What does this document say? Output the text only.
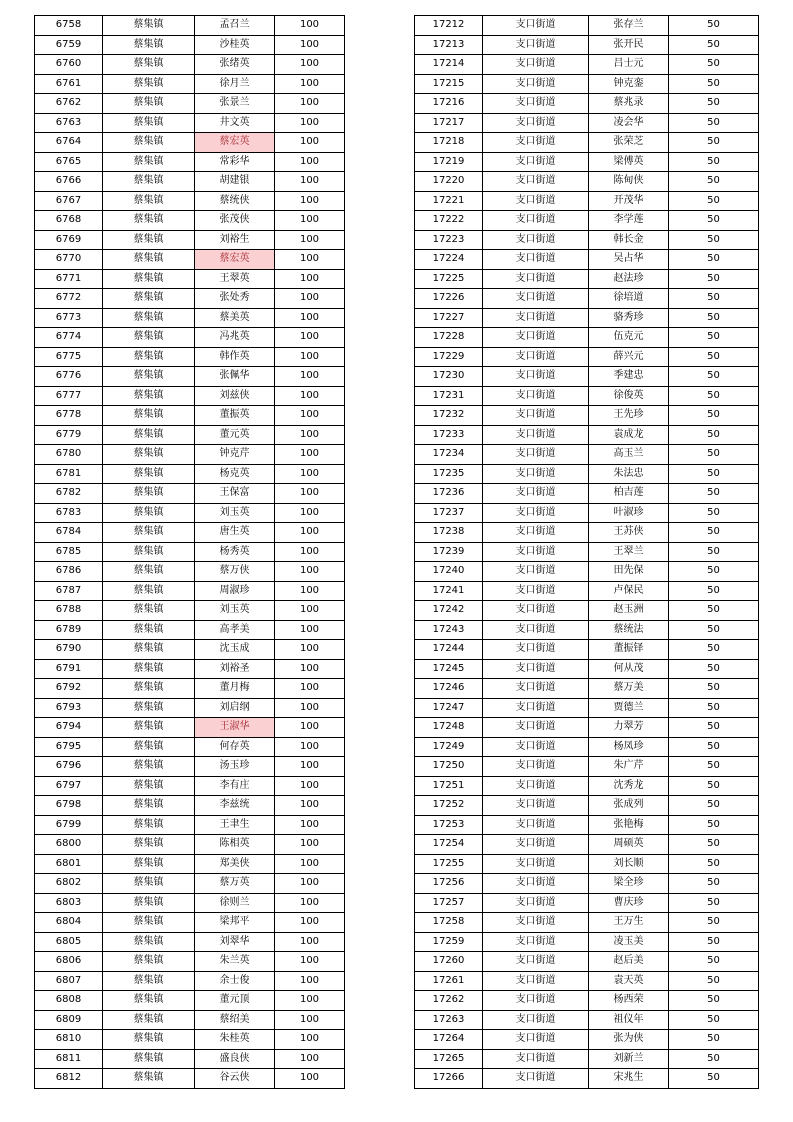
6758	蔡集镇	孟召兰	100
6759	蔡集镇	沙桂英	100
6760	蔡集镇	张绪英	100
6761	蔡集镇	徐月兰	100
6762	蔡集镇	张景兰	100
6763	蔡集镇	井文英	100
6764	蔡集镇	蔡宏英	100
6765	蔡集镇	常彩华	100
6766	蔡集镇	胡建银	100
6767	蔡集镇	蔡统侠	100
6768	蔡集镇	张茂侠	100
6769	蔡集镇	刘裕生	100
6770	蔡集镇	蔡宏英	100
6771	蔡集镇	王翠英	100
6772	蔡集镇	张处秀	100
6773	蔡集镇	蔡美英	100
6774	蔡集镇	冯兆英	100
6775	蔡集镇	韩作英	100
6776	蔡集镇	张佩华	100
6777	蔡集镇	刘兹侠	100
6778	蔡集镇	董振英	100
6779	蔡集镇	董元英	100
6780	蔡集镇	钟克芹	100
6781	蔡集镇	杨克英	100
6782	蔡集镇	王保富	100
6783	蔡集镇	刘玉英	100
6784	蔡集镇	唐生英	100
6785	蔡集镇	杨秀英	100
6786	蔡集镇	蔡万侠	100
6787	蔡集镇	周淑珍	100
6788	蔡集镇	刘玉英	100
6789	蔡集镇	高孝美	100
6790	蔡集镇	沈玉成	100
6791	蔡集镇	刘裕圣	100
6792	蔡集镇	董月梅	100
6793	蔡集镇	刘启纲	100
6794	蔡集镇	王淑华	100
6795	蔡集镇	何存英	100
6796	蔡集镇	汤玉珍	100
6797	蔡集镇	李有庄	100
6798	蔡集镇	李兹统	100
6799	蔡集镇	王聿生	100
6800	蔡集镇	陈相英	100
6801	蔡集镇	郑美侠	100
6802	蔡集镇	蔡万英	100
6803	蔡集镇	徐则兰	100
6804	蔡集镇	梁邦平	100
6805	蔡集镇	刘翠华	100
6806	蔡集镇	朱兰英	100
6807	蔡集镇	余士俊	100
6808	蔡集镇	董元顶	100
6809	蔡集镇	蔡绍美	100
6810	蔡集镇	朱桂英	100
6811	蔡集镇	盛良侠	100
6812	蔡集镇	谷云侠	100
17212	支口街道	张存兰	50
17213	支口街道	张开民	50
17214	支口街道	吕士元	50
17215	支口街道	钟克銮	50
17216	支口街道	蔡兆录	50
17217	支口街道	凌会华	50
17218	支口街道	张荣芝	50
17219	支口街道	梁傅英	50
17220	支口街道	陈甸侠	50
17221	支口街道	开茂华	50
17222	支口街道	李学莲	50
17223	支口街道	韩长金	50
17224	支口街道	吴占华	50
17225	支口街道	赵法珍	50
17226	支口街道	徐培道	50
17227	支口街道	骆秀珍	50
17228	支口街道	伍克元	50
17229	支口街道	薛兴元	50
17230	支口街道	季建忠	50
17231	支口街道	徐俊英	50
17232	支口街道	王先珍	50
17233	支口街道	袁成龙	50
17234	支口街道	高玉兰	50
17235	支口街道	朱法忠	50
17236	支口街道	柏吉莲	50
17237	支口街道	叶淑珍	50
17238	支口街道	王苏侠	50
17239	支口街道	王翠兰	50
17240	支口街道	田先保	50
17241	支口街道	卢保民	50
17242	支口街道	赵玉洲	50
17243	支口街道	蔡统法	50
17244	支口街道	董振铎	50
17245	支口街道	何从茂	50
17246	支口街道	蔡万美	50
17247	支口街道	贾德兰	50
17248	支口街道	力翠芳	50
17249	支口街道	杨凤珍	50
17250	支口街道	朱广芹	50
17251	支口街道	沈秀龙	50
17252	支口街道	张成列	50
17253	支口街道	张艳梅	50
17254	支口街道	周硕英	50
17255	支口街道	刘长顺	50
17256	支口街道	梁全珍	50
17257	支口街道	曹庆珍	50
17258	支口街道	王万生	50
17259	支口街道	凌玉美	50
17260	支口街道	赵后美	50
17261	支口街道	袁天英	50
17262	支口街道	杨西荣	50
17263	支口街道	祖仪年	50
17264	支口街道	张为侠	50
17265	支口街道	刘新兰	50
17266	支口街道	宋兆生	50
